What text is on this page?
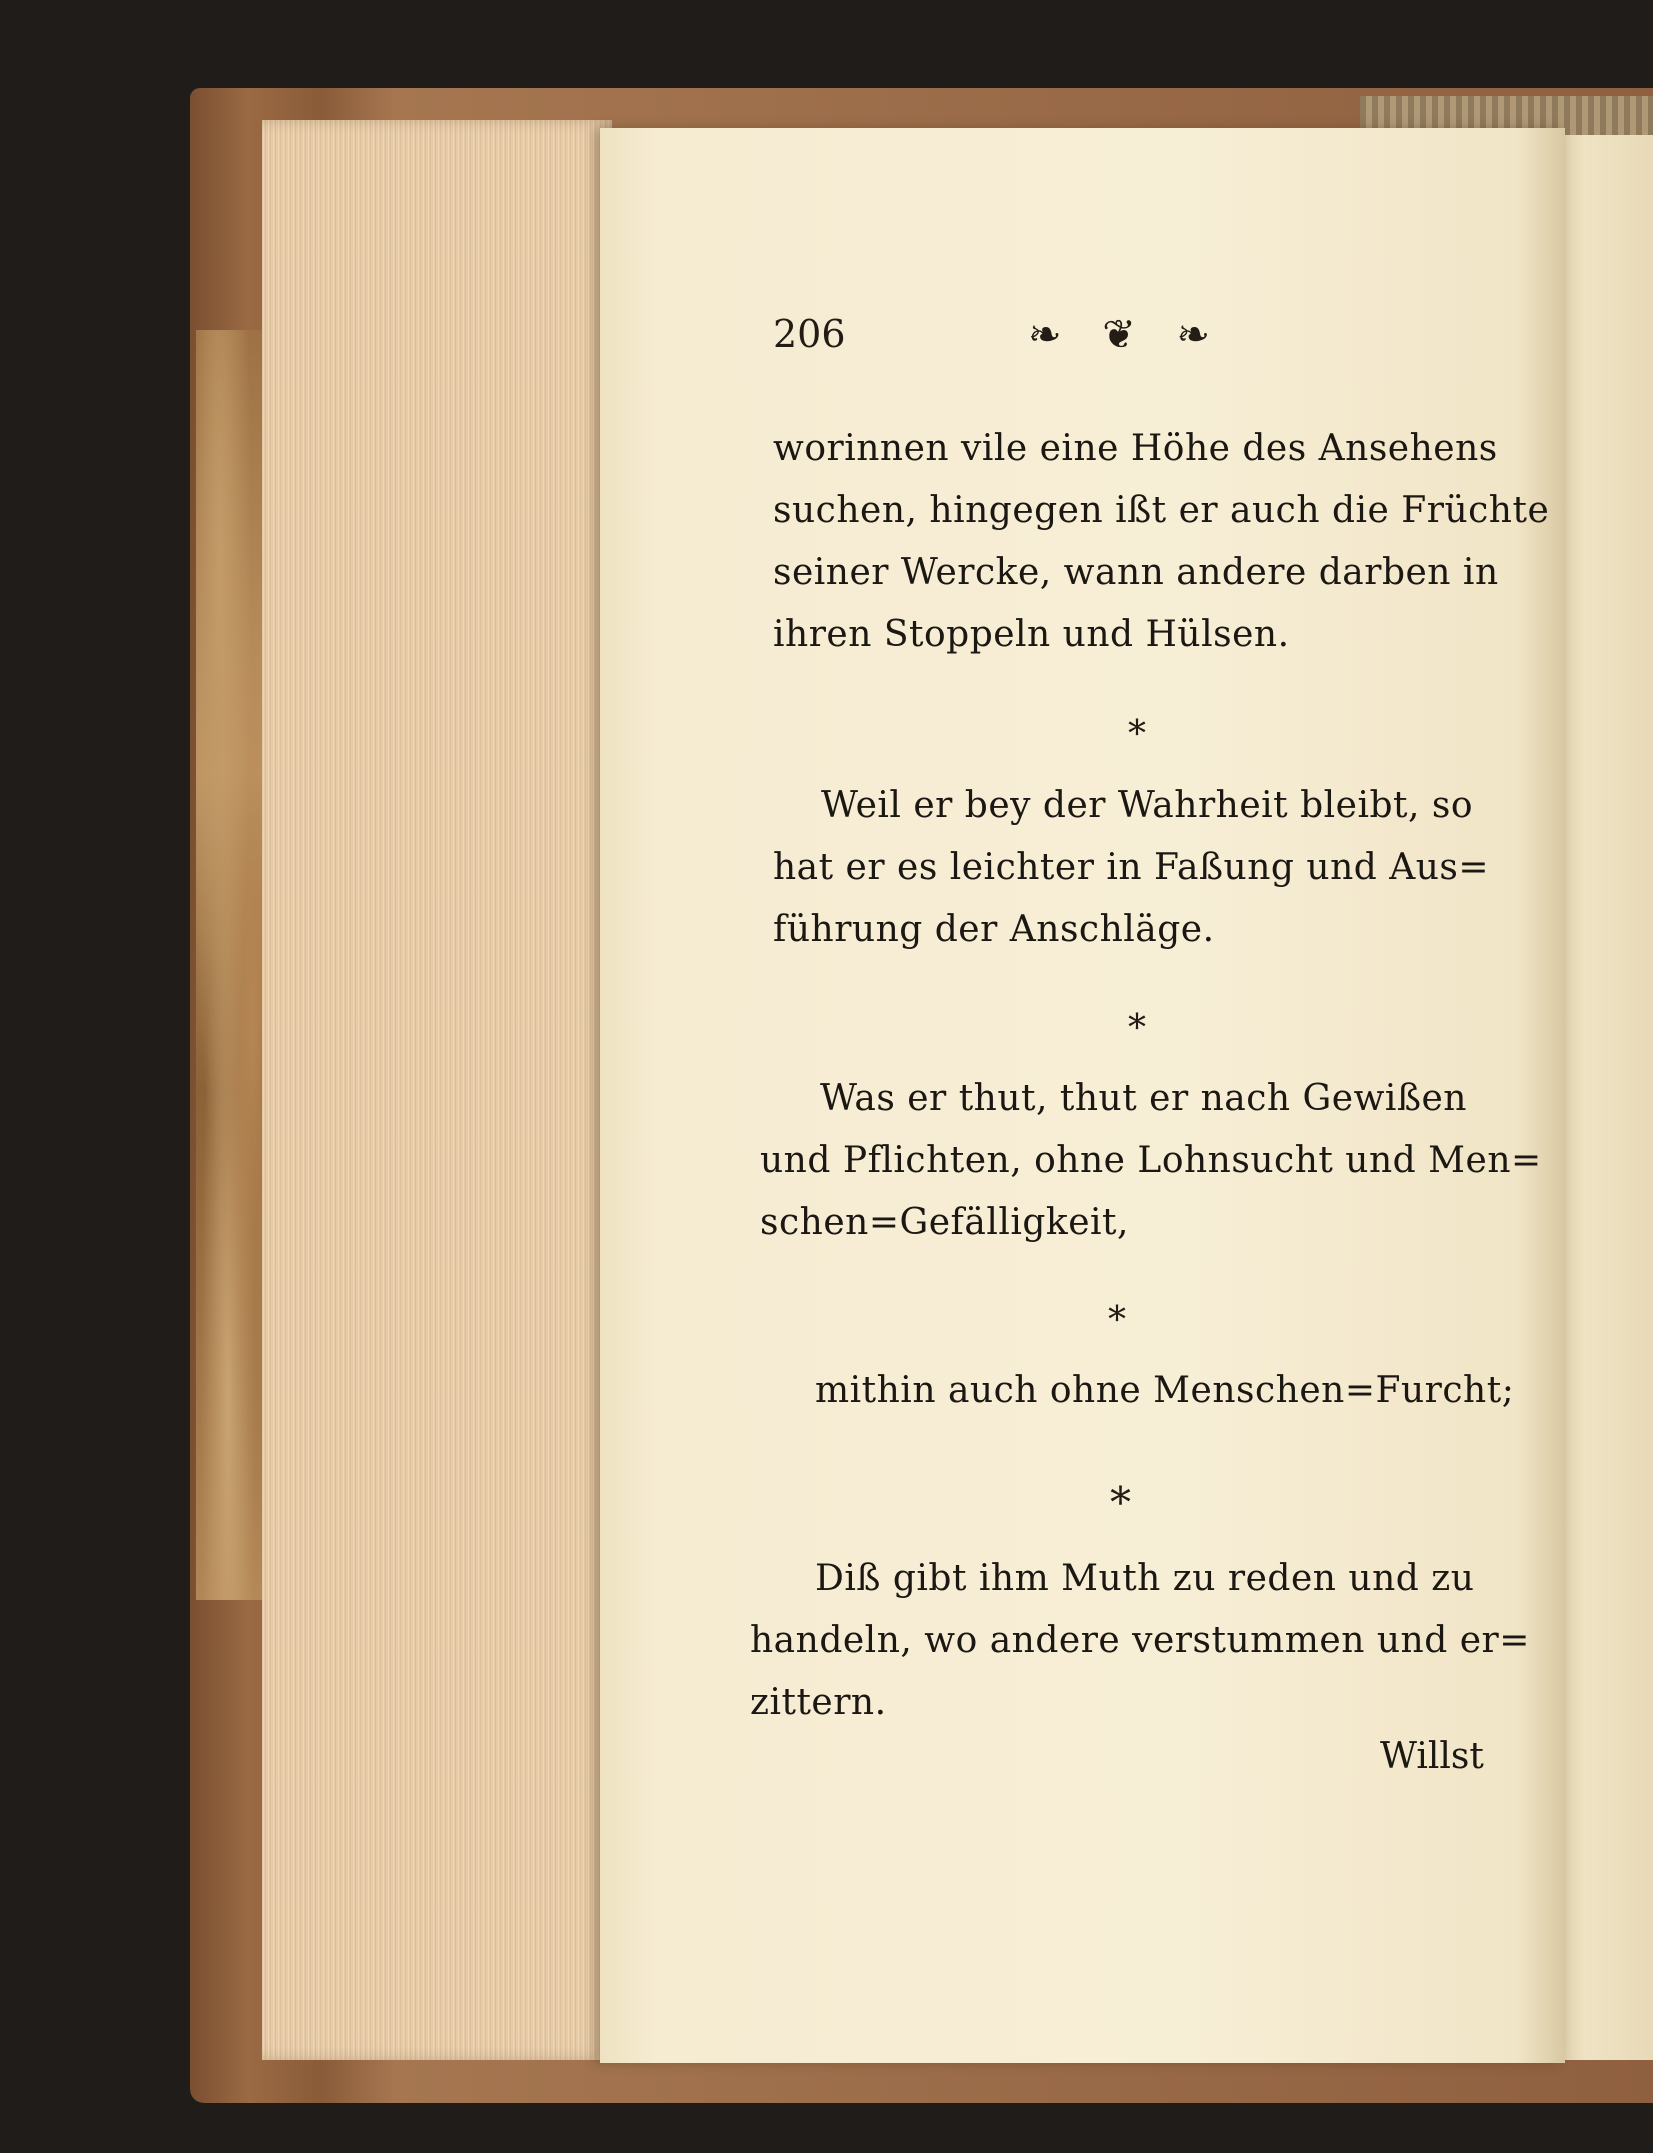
206	❧ ❦ ❧
worinnen vile eine Höhe des Ansehens
suchen, hingegen ißt er auch die Früchte
seiner Wercke, wann andere darben in
ihren Stoppeln und Hülsen.
*
Weil er bey der Wahrheit bleibt, so
hat er es leichter in Faßung und Aus=
führung der Anschläge.
*
Was er thut, thut er nach Gewißen
und Pflichten, ohne Lohnsucht und Men=
schen=Gefälligkeit,
*
mithin auch ohne Menschen=Furcht;
*
Diß gibt ihm Muth zu reden und zu
handeln, wo andere verstummen und er=
zittern.
Willst
